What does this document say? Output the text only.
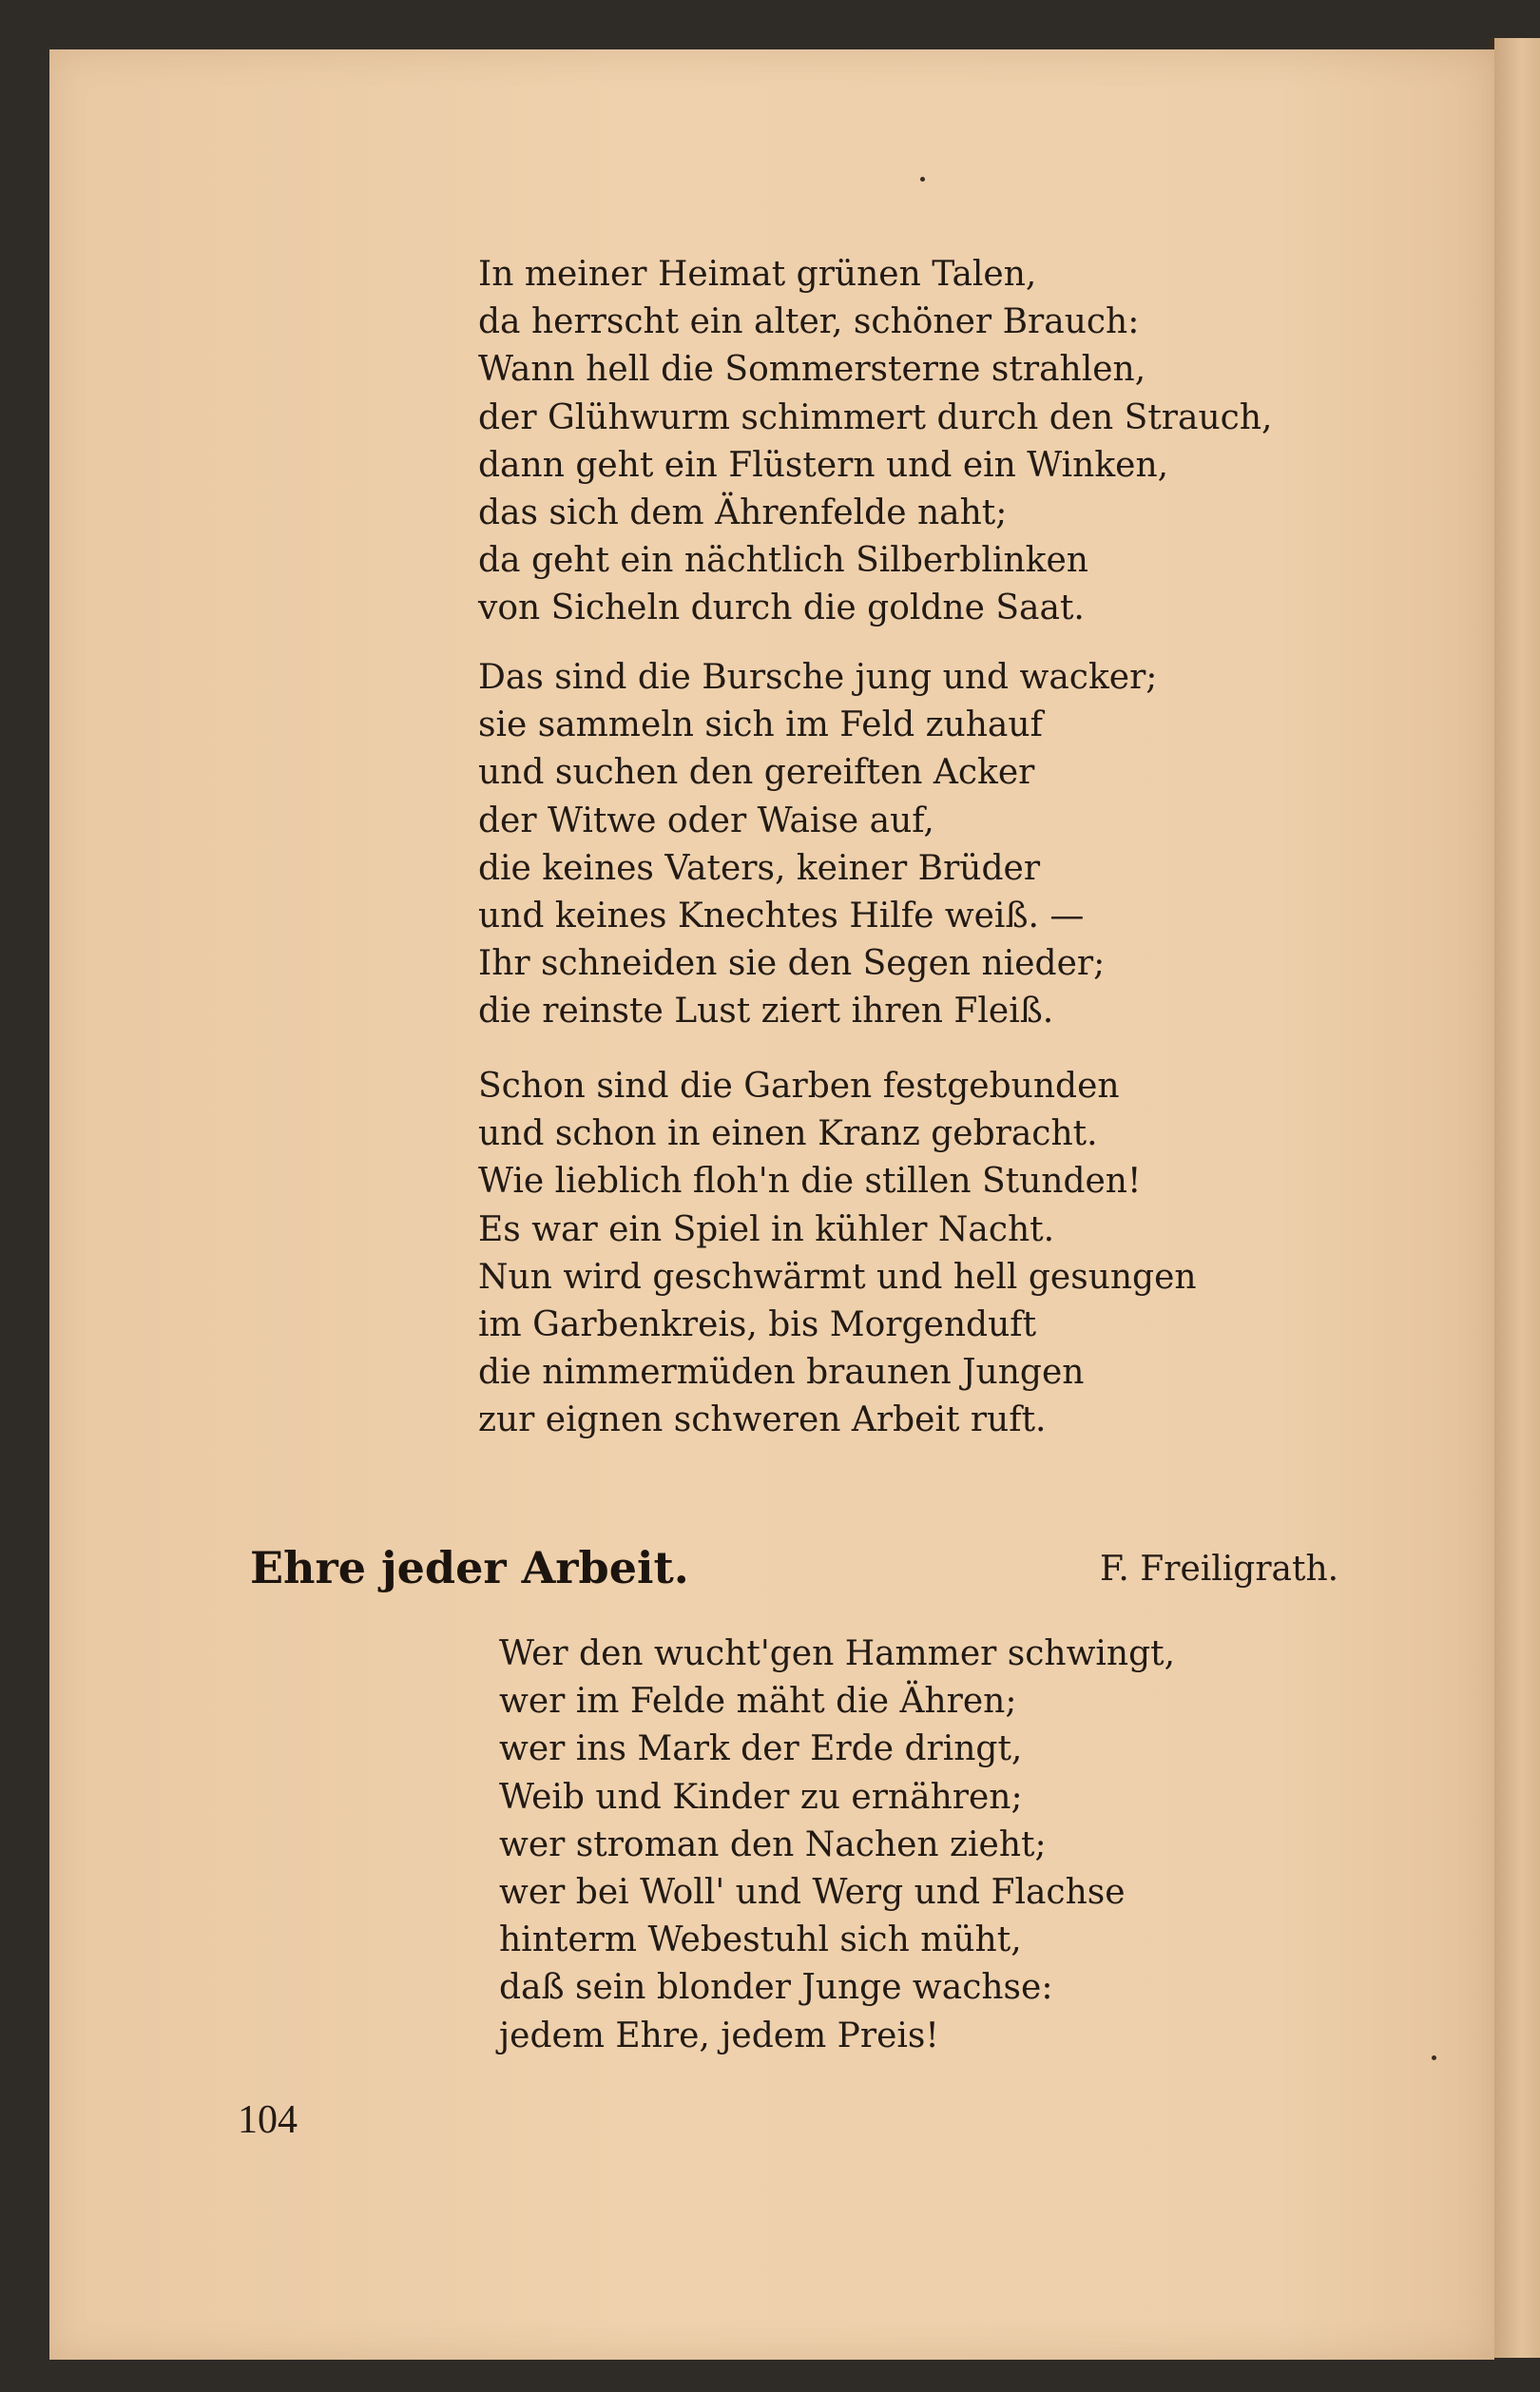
In meiner Heimat grünen Talen,
da herrscht ein alter, schöner Brauch:
Wann hell die Sommersterne strahlen,
der Glühwurm schimmert durch den Strauch,
dann geht ein Flüstern und ein Winken,
das sich dem Ährenfelde naht;
da geht ein nächtlich Silberblinken
von Sicheln durch die goldne Saat.
Das sind die Bursche jung und wacker;
sie sammeln sich im Feld zuhauf
und suchen den gereiften Acker
der Witwe oder Waise auf,
die keines Vaters, keiner Brüder
und keines Knechtes Hilfe weiß. —
Ihr schneiden sie den Segen nieder;
die reinste Lust ziert ihren Fleiß.
Schon sind die Garben festgebunden
und schon in einen Kranz gebracht.
Wie lieblich floh'n die stillen Stunden!
Es war ein Spiel in kühler Nacht.
Nun wird geschwärmt und hell gesungen
im Garbenkreis, bis Morgenduft
die nimmermüden braunen Jungen
zur eignen schweren Arbeit ruft.
Ehre jeder Arbeit.	F. Freiligrath.
Wer den wucht'gen Hammer schwingt,
wer im Felde mäht die Ähren;
wer ins Mark der Erde dringt,
Weib und Kinder zu ernähren;
wer stroman den Nachen zieht;
wer bei Woll' und Werg und Flachse
hinterm Webestuhl sich müht,
daß sein blonder Junge wachse:
jedem Ehre, jedem Preis!
104
